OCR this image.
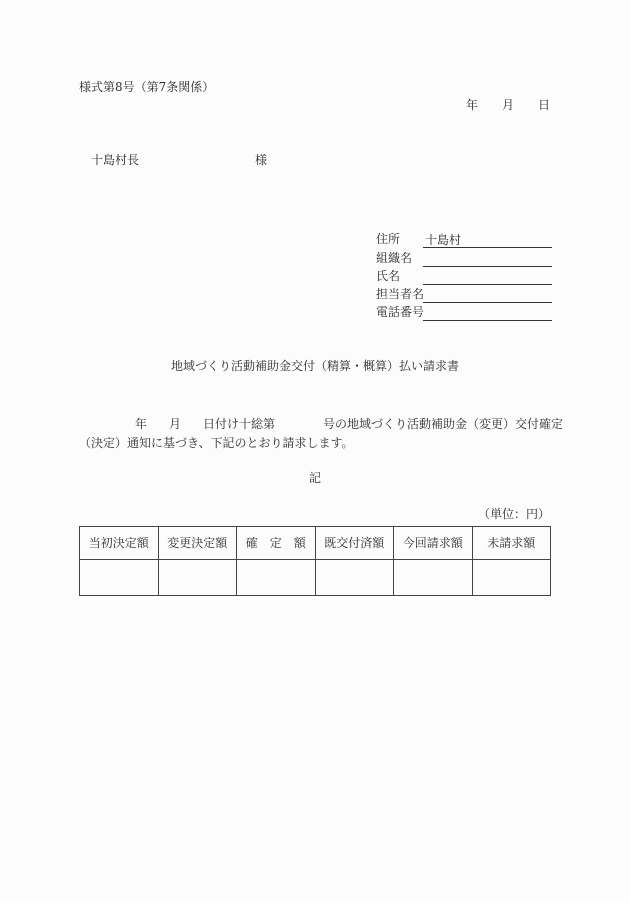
様式第8号（第7条関係）
年 月 日
十島村長	様
住所	十島村
組織名
氏名
担当者名
電話番号
地域づくり活動補助金交付（精算・概算）払い請求書
年 月 日付け十総第	号の地域づくり活動補助金（変更）交付確定
（決定）通知に基づき、下記のとおり請求します。
記
（単位：円）
当初決定額	変更決定額	確　定　額	既交付済額	今回請求額	未請求額
